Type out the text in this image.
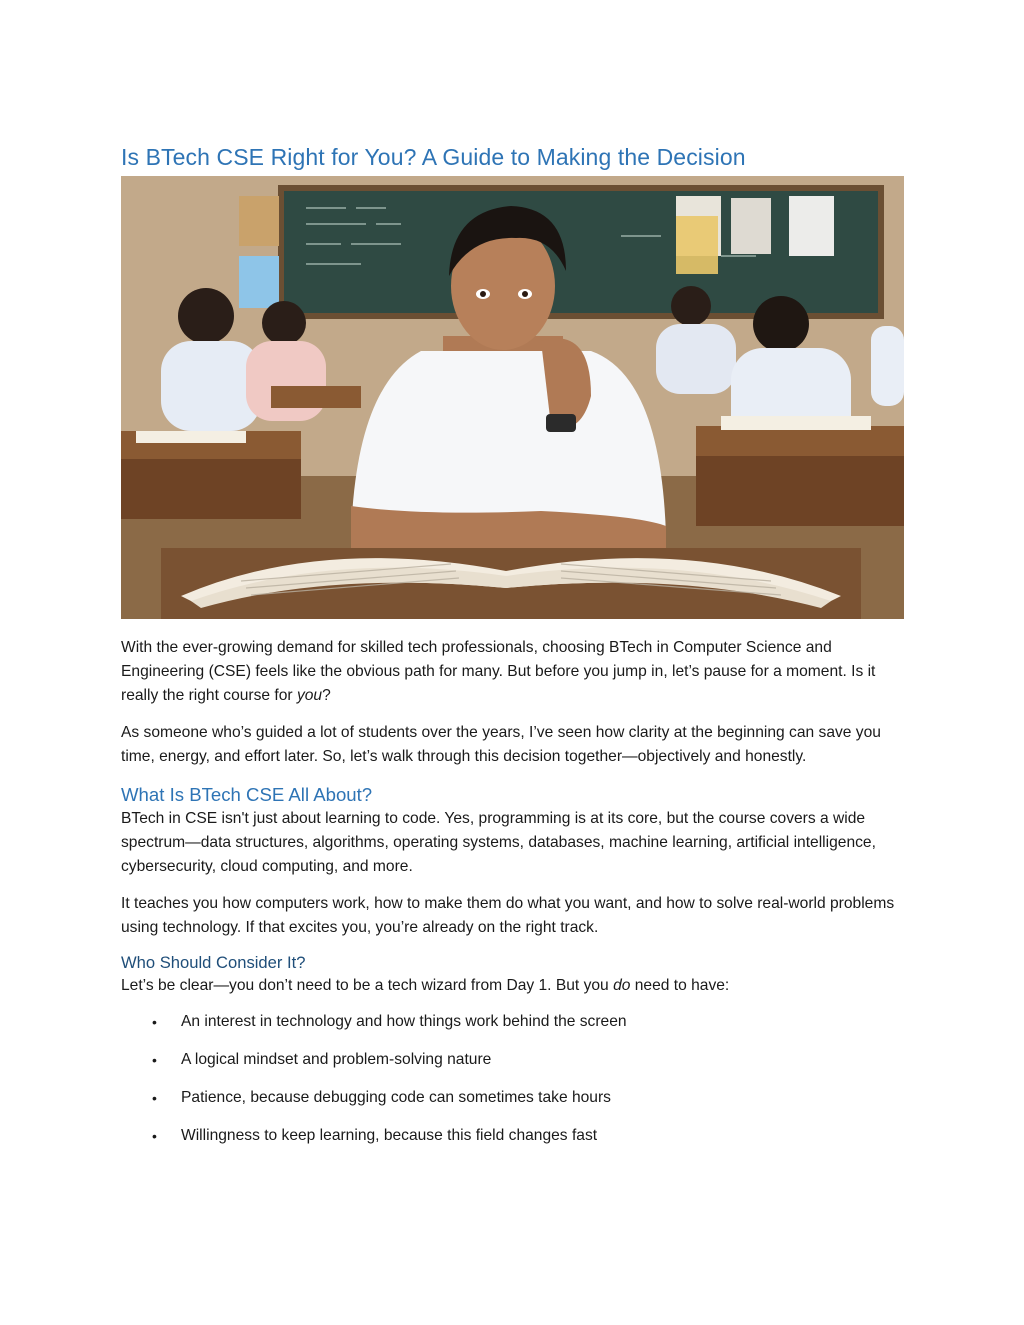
Is BTech CSE Right for You? A Guide to Making the Decision

With the ever-growing demand for skilled tech professionals, choosing BTech in Computer Science and Engineering (CSE) feels like the obvious path for many. But before you jump in, let’s pause for a moment. Is it really the right course for you?

As someone who’s guided a lot of students over the years, I’ve seen how clarity at the beginning can save you time, energy, and effort later. So, let’s walk through this decision together—objectively and honestly.

What Is BTech CSE All About?

BTech in CSE isn't just about learning to code. Yes, programming is at its core, but the course covers a wide spectrum—data structures, algorithms, operating systems, databases, machine learning, artificial intelligence, cybersecurity, cloud computing, and more.

It teaches you how computers work, how to make them do what you want, and how to solve real-world problems using technology. If that excites you, you’re already on the right track.

Who Should Consider It?

Let’s be clear—you don’t need to be a tech wizard from Day 1. But you do need to have:

• An interest in technology and how things work behind the screen
• A logical mindset and problem-solving nature
• Patience, because debugging code can sometimes take hours
• Willingness to keep learning, because this field changes fast
